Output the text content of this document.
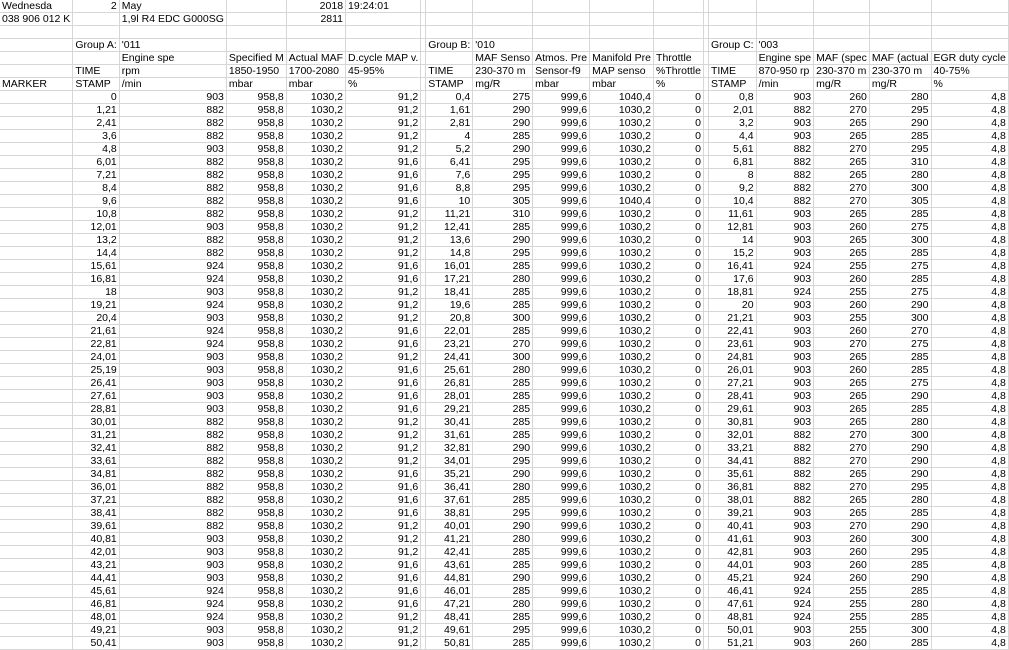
Wednesda	2	May		2018	19:24:01												
038 906 012 K		1,9l R4 EDC G000SG		2811													

	Group A:	'011					Group B:	'010					Group C:	'003			
		Engine spe	Specified M	Actual MAF	D.cycle MAP v.			MAF Senso	Atmos. Pre	Manifold Pre	Throttle			Engine spe	MAF (spec	MAF (actual	EGR duty cycle
	TIME	rpm	1850-1950	1700-2080	45-95%		TIME	230-370 m	Sensor-f9	MAP senso	%Throttle		TIME	870-950 rp	230-370 m	230-370 m	40-75%
MARKER	STAMP	/min	mbar	mbar	%		STAMP	mg/R	mbar	mbar	%		STAMP	/min	mg/R	mg/R	%
	0	903	958,8	1030,2	91,2		0,4	275	999,6	1040,4	0		0,8	903	260	280	4,8
	1,21	882	958,8	1030,2	91,2		1,61	290	999,6	1030,2	0		2,01	882	270	295	4,8
	2,41	882	958,8	1030,2	91,2		2,81	290	999,6	1030,2	0		3,2	903	265	290	4,8
	3,6	882	958,8	1030,2	91,2		4	285	999,6	1030,2	0		4,4	903	265	285	4,8
	4,8	903	958,8	1030,2	91,2		5,2	290	999,6	1030,2	0		5,61	882	270	295	4,8
	6,01	882	958,8	1030,2	91,6		6,41	295	999,6	1030,2	0		6,81	882	265	310	4,8
	7,21	882	958,8	1030,2	91,6		7,6	295	999,6	1030,2	0		8	882	265	280	4,8
	8,4	882	958,8	1030,2	91,6		8,8	295	999,6	1030,2	0		9,2	882	270	300	4,8
	9,6	882	958,8	1030,2	91,6		10	305	999,6	1040,4	0		10,4	882	270	305	4,8
	10,8	882	958,8	1030,2	91,2		11,21	310	999,6	1030,2	0		11,61	903	265	285	4,8
	12,01	903	958,8	1030,2	91,2		12,41	285	999,6	1030,2	0		12,81	903	260	275	4,8
	13,2	882	958,8	1030,2	91,2		13,6	290	999,6	1030,2	0		14	903	265	300	4,8
	14,4	882	958,8	1030,2	91,2		14,8	295	999,6	1030,2	0		15,2	903	265	285	4,8
	15,61	924	958,8	1030,2	91,6		16,01	285	999,6	1030,2	0		16,41	924	255	275	4,8
	16,81	924	958,8	1030,2	91,6		17,21	280	999,6	1030,2	0		17,6	903	260	285	4,8
	18	903	958,8	1030,2	91,2		18,41	285	999,6	1030,2	0		18,81	924	255	275	4,8
	19,21	924	958,8	1030,2	91,2		19,6	285	999,6	1030,2	0		20	903	260	290	4,8
	20,4	903	958,8	1030,2	91,2		20,8	300	999,6	1030,2	0		21,21	903	255	300	4,8
	21,61	924	958,8	1030,2	91,6		22,01	285	999,6	1030,2	0		22,41	903	260	270	4,8
	22,81	924	958,8	1030,2	91,6		23,21	270	999,6	1030,2	0		23,61	903	270	275	4,8
	24,01	903	958,8	1030,2	91,2		24,41	300	999,6	1030,2	0		24,81	903	265	285	4,8
	25,19	903	958,8	1030,2	91,6		25,61	280	999,6	1030,2	0		26,01	903	260	285	4,8
	26,41	903	958,8	1030,2	91,6		26,81	285	999,6	1030,2	0		27,21	903	265	275	4,8
	27,61	903	958,8	1030,2	91,6		28,01	285	999,6	1030,2	0		28,41	903	265	290	4,8
	28,81	903	958,8	1030,2	91,6		29,21	285	999,6	1030,2	0		29,61	903	265	285	4,8
	30,01	882	958,8	1030,2	91,2		30,41	285	999,6	1030,2	0		30,81	903	265	280	4,8
	31,21	882	958,8	1030,2	91,2		31,61	285	999,6	1030,2	0		32,01	882	270	300	4,8
	32,41	882	958,8	1030,2	91,2		32,81	290	999,6	1030,2	0		33,21	882	270	290	4,8
	33,61	882	958,8	1030,2	91,2		34,01	295	999,6	1030,2	0		34,41	882	270	290	4,8
	34,81	882	958,8	1030,2	91,6		35,21	290	999,6	1030,2	0		35,61	882	265	290	4,8
	36,01	882	958,8	1030,2	91,6		36,41	280	999,6	1030,2	0		36,81	882	270	295	4,8
	37,21	882	958,8	1030,2	91,6		37,61	285	999,6	1030,2	0		38,01	882	265	280	4,8
	38,41	882	958,8	1030,2	91,6		38,81	295	999,6	1030,2	0		39,21	903	265	285	4,8
	39,61	882	958,8	1030,2	91,2		40,01	290	999,6	1030,2	0		40,41	903	270	290	4,8
	40,81	903	958,8	1030,2	91,2		41,21	280	999,6	1030,2	0		41,61	903	260	300	4,8
	42,01	903	958,8	1030,2	91,2		42,41	285	999,6	1030,2	0		42,81	903	260	295	4,8
	43,21	903	958,8	1030,2	91,6		43,61	285	999,6	1030,2	0		44,01	903	260	285	4,8
	44,41	903	958,8	1030,2	91,6		44,81	290	999,6	1030,2	0		45,21	924	260	290	4,8
	45,61	924	958,8	1030,2	91,6		46,01	285	999,6	1030,2	0		46,41	924	255	285	4,8
	46,81	924	958,8	1030,2	91,6		47,21	280	999,6	1030,2	0		47,61	924	255	280	4,8
	48,01	924	958,8	1030,2	91,2		48,41	285	999,6	1030,2	0		48,81	924	255	285	4,8
	49,21	903	958,8	1030,2	91,2		49,61	295	999,6	1030,2	0		50,01	903	255	300	4,8
	50,41	903	958,8	1030,2	91,2		50,81	285	999,6	1030,2	0		51,21	903	260	285	4,8
